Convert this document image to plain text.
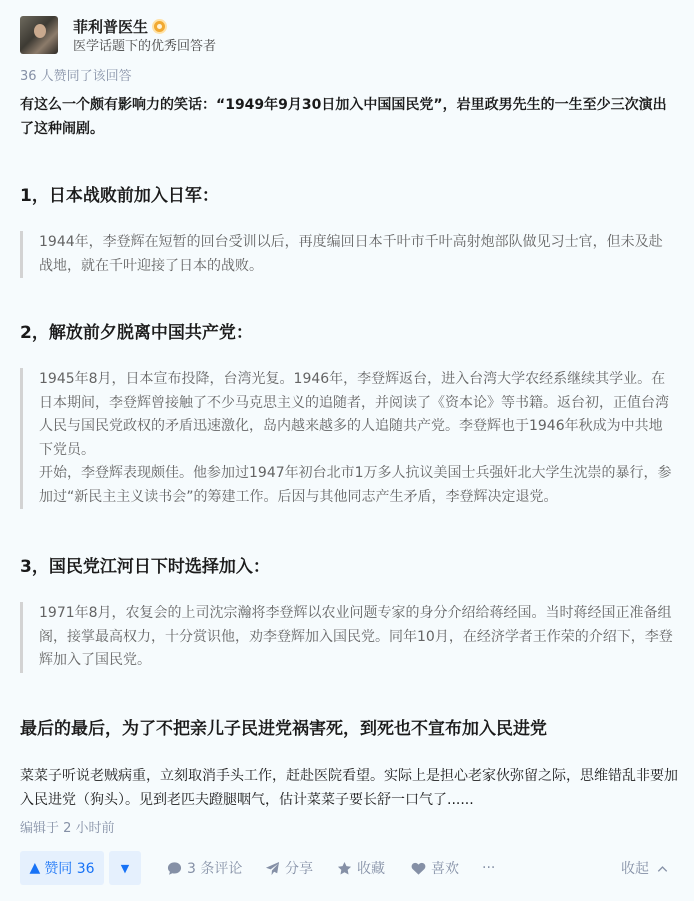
菲利普医生
医学话题下的优秀回答者
36 人赞同了该回答
有这么一个颇有影响力的笑话：“1949年9月30日加入中国国民党”，岩里政男先生的一生至少三次演出了这种闹剧。
1，日本战败前加入日军：

1944年，李登辉在短暂的回台受训以后，再度编回日本千叶市千叶高射炮部队做见习士官，但未及赴战地，就在千叶迎接了日本的战败。

2，解放前夕脱离中国共产党：

1945年8月，日本宣布投降，台湾光复。1946年，李登辉返台，进入台湾大学农经系继续其学业。在日本期间，李登辉曾接触了不少马克思主义的追随者，并阅读了《资本论》等书籍。返台初，正值台湾人民与国民党政权的矛盾迅速激化，岛内越来越多的人追随共产党。李登辉也于1946年秋成为中共地下党员。

开始，李登辉表现颇佳。他参加过1947年初台北市1万多人抗议美国士兵强奸北大学生沈崇的暴行，参加过“新民主主义读书会”的筹建工作。后因与其他同志产生矛盾，李登辉决定退党。

3，国民党江河日下时选择加入：

1971年8月，农复会的上司沈宗瀚将李登辉以农业问题专家的身分介绍给蒋经国。当时蒋经国正准备组阁，接掌最高权力，十分赏识他，劝李登辉加入国民党。同年10月，在经济学者王作荣的介绍下，李登辉加入了国民党。

最后的最后，为了不把亲儿子民进党祸害死，到死也不宣布加入民进党
菜菜子听说老贼病重，立刻取消手头工作，赶赴医院看望。实际上是担心老家伙弥留之际，思维错乱非要加入民进党（狗头）。见到老匹夫蹬腿咽气，估计菜菜子要长舒一口气了......
编辑于 2 小时前
▲ 赞同 36 ▼	3 条评论	分享	收藏	喜欢 ···	收起
